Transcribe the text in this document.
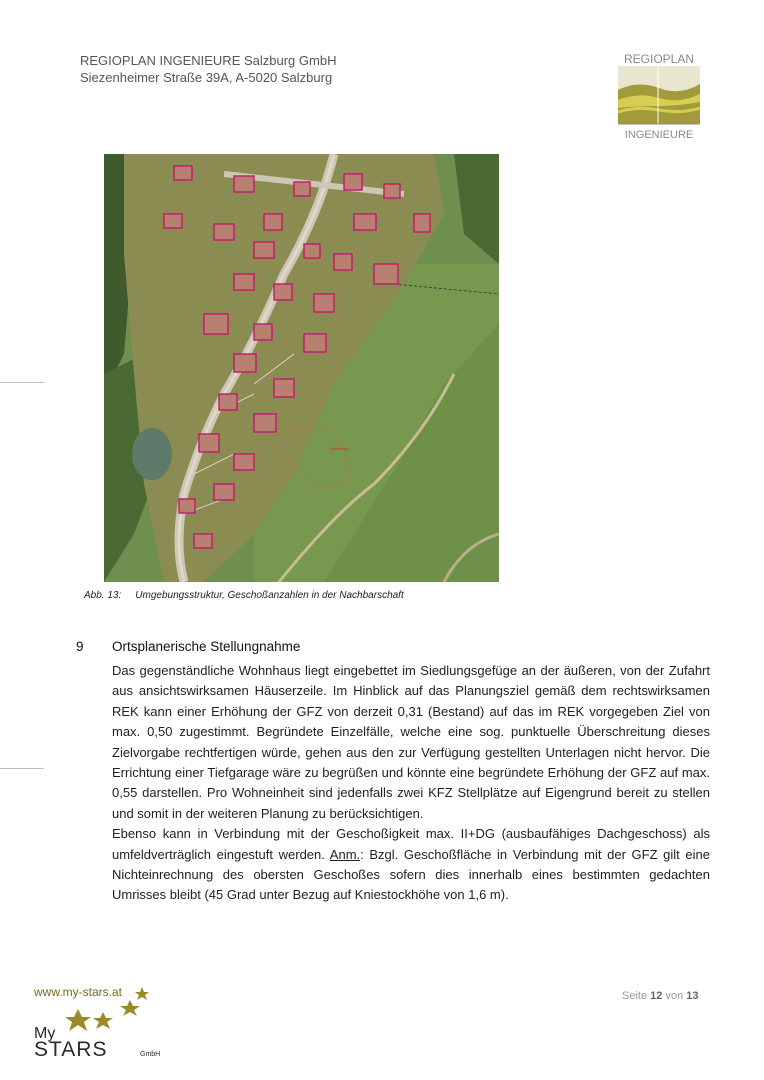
REGIOPLAN INGENIEURE Salzburg GmbH
Siezenheimer Straße 39A, A-5020 Salzburg
REGIOPLAN
INGENIEURE
Wohnhaus
Abb. 13: Umgebungsstruktur, Geschoßanzahlen in der Nachbarschaft
9 Ortsplanerische Stellungnahme

Das gegenständliche Wohnhaus liegt eingebettet im Siedlungsgefüge an der äußeren, von der Zufahrt aus ansichtswirksamen Häuserzeile. Im Hinblick auf das Planungsziel gemäß dem rechtswirksamen REK kann einer Erhöhung der GFZ von derzeit 0,31 (Bestand) auf das im REK vorgegeben Ziel von max. 0,50 zugestimmt. Begründete Einzelfälle, welche eine sog. punktuelle Überschreitung dieses Zielvorgabe rechtfertigen würde, gehen aus den zur Verfügung gestellten Unterlagen nicht hervor. Die Errichtung einer Tiefgarage wäre zu begrüßen und könnte eine begründete Erhöhung der GFZ auf max. 0,55 darstellen. Pro Wohneinheit sind jedenfalls zwei KFZ Stellplätze auf Eigengrund bereit zu stellen und somit in der weiteren Planung zu berücksichtigen.

Ebenso kann in Verbindung mit der Geschoßigkeit max. II+DG (ausbaufähiges Dachgeschoss) als umfeldverträglich eingestuft werden. Anm.: Bzgl. Geschoßfläche in Verbindung mit der GFZ gilt eine Nichteinrechnung des obersten Geschoßes sofern dies innerhalb eines bestimmten gedachten Umrisses bleibt (45 Grad unter Bezug auf Kniestockhöhe von 1,6 m).

www.my-stars.at
My
STARS	GmbH
Seite 12 von 13
